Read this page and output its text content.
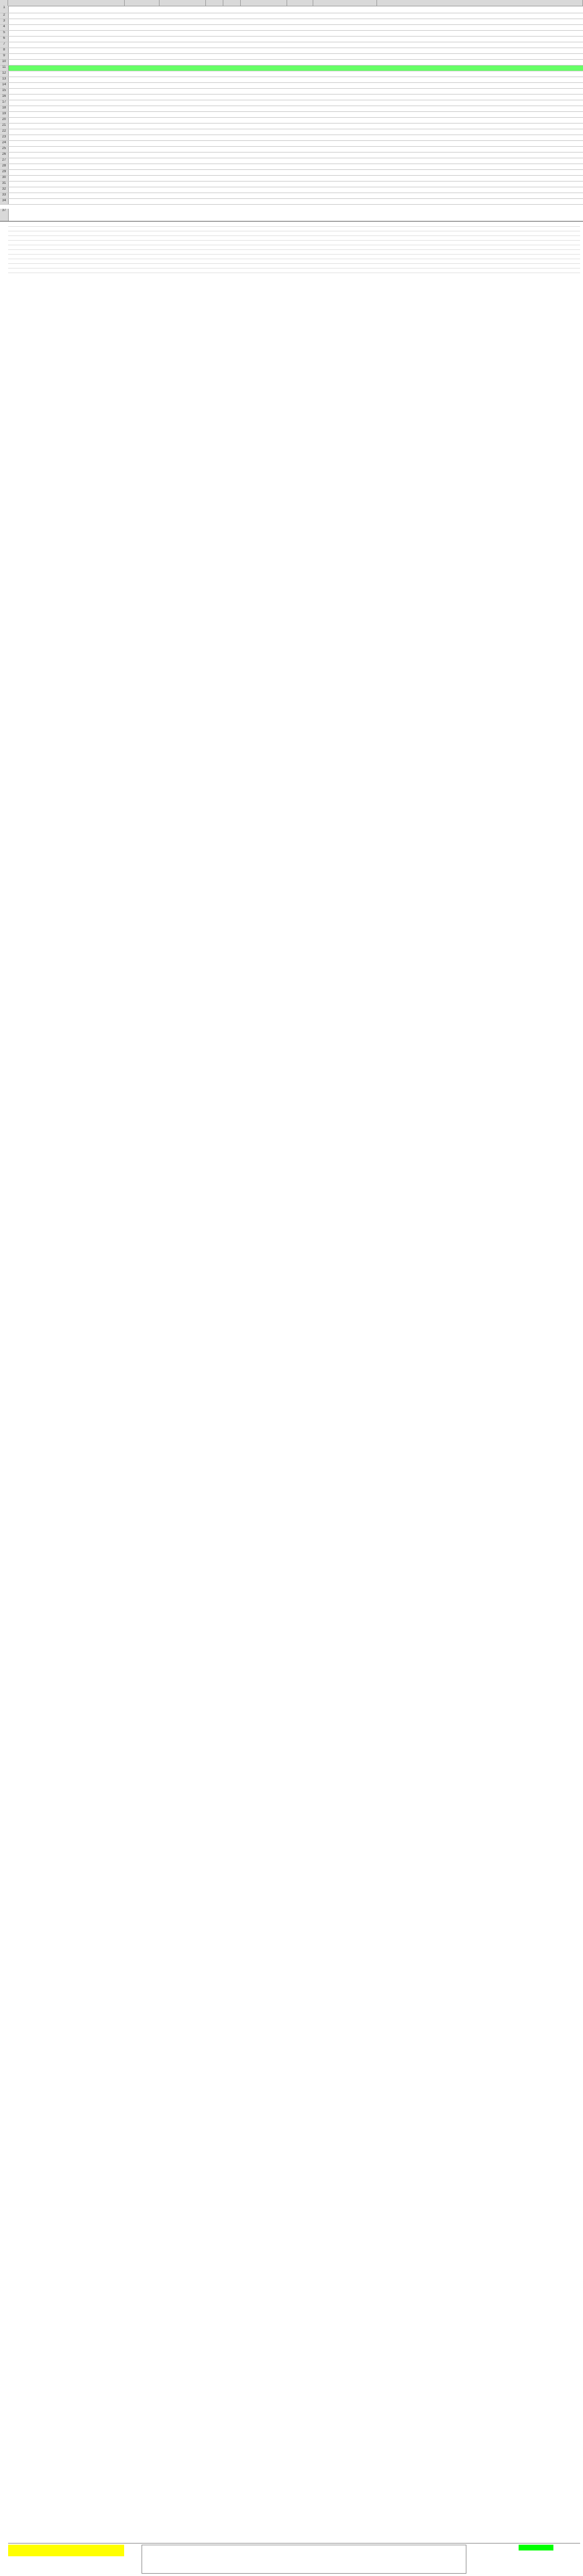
1
2
3
4
5
6
7
8
9
10
11
12
13
14
15
16
17
18
19
20
21
22
23
24
25
26
27
28
29
30
31
32
33
34
37
